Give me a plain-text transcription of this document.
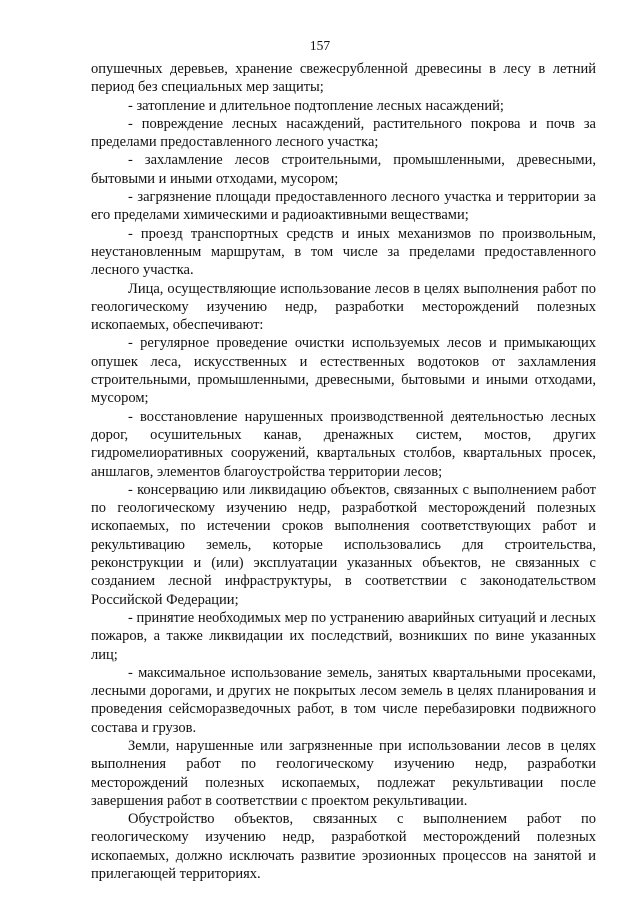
157

опушечных деревьев, хранение свежесрубленной древесины в лесу в летний период без специальных мер защиты;

- затопление и длительное подтопление лесных насаждений;

- повреждение лесных насаждений, растительного покрова и почв за пределами предоставленного лесного участка;

- захламление лесов строительными, промышленными, древесными, бытовыми и иными отходами, мусором;

- загрязнение площади предоставленного лесного участка и территории за его пределами химическими и радиоактивными веществами;

- проезд транспортных средств и иных механизмов по произвольным, неустановленным маршрутам, в том числе за пределами предоставленного лесного участка.

Лица, осуществляющие использование лесов в целях выполнения работ по геологическому изучению недр, разработки месторождений полезных ископаемых, обеспечивают:

- регулярное проведение очистки используемых лесов и примыкающих опушек леса, искусственных и естественных водотоков от захламления строительными, промышленными, древесными, бытовыми и иными отходами, мусором;

- восстановление нарушенных производственной деятельностью лесных дорог, осушительных канав, дренажных систем, мостов, других гидромелиоративных сооружений, квартальных столбов, квартальных просек, аншлагов, элементов благоустройства территории лесов;

- консервацию или ликвидацию объектов, связанных с выполнением работ по геологическому изучению недр, разработкой месторождений полезных ископаемых, по истечении сроков выполнения соответствующих работ и рекультивацию земель, которые использовались для строительства, реконструкции и (или) эксплуатации указанных объектов, не связанных с созданием лесной инфраструктуры, в соответствии с законодательством Российской Федерации;

- принятие необходимых мер по устранению аварийных ситуаций и лесных пожаров, а также ликвидации их последствий, возникших по вине указанных лиц;

- максимальное использование земель, занятых квартальными просеками, лесными дорогами, и других не покрытых лесом земель в целях планирования и проведения сейсморазведочных работ, в том числе перебазировки подвижного состава и грузов.

Земли, нарушенные или загрязненные при использовании лесов в целях выполнения работ по геологическому изучению недр, разработки месторождений полезных ископаемых, подлежат рекультивации после завершения работ в соответствии с проектом рекультивации.

Обустройство объектов, связанных с выполнением работ по геологическому изучению недр, разработкой месторождений полезных ископаемых, должно исключать развитие эрозионных процессов на занятой и прилегающей территориях.
